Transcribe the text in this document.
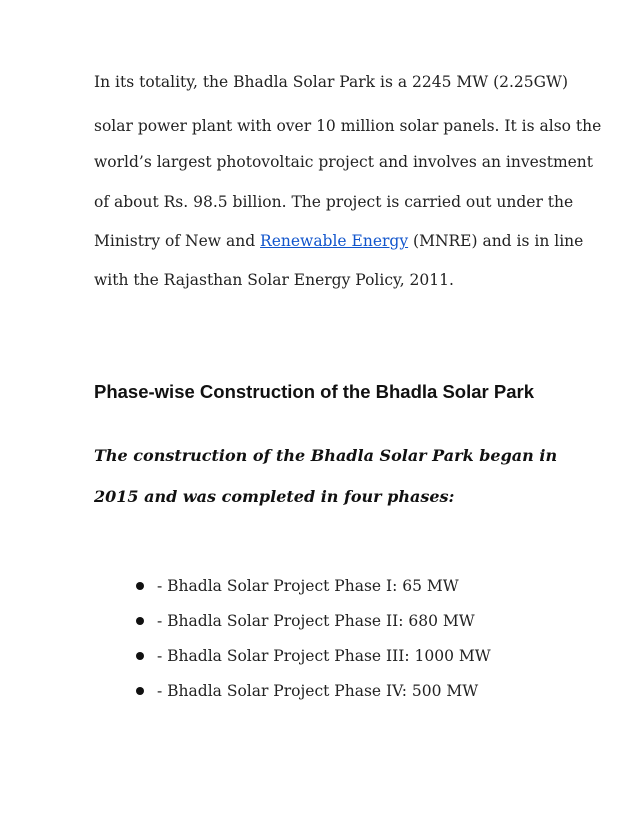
In its totality, the Bhadla Solar Park is a 2245 MW (2.25GW)
solar power plant with over 10 million solar panels. It is also the
world’s largest photovoltaic project and involves an investment
of about Rs. 98.5 billion. The project is carried out under the
Ministry of New and Renewable Energy (MNRE) and is in line
with the Rajasthan Solar Energy Policy, 2011.
Phase-wise Construction of the Bhadla Solar Park
The construction of the Bhadla Solar Park began in
2015 and was completed in four phases:
- Bhadla Solar Project Phase I: 65 MW
- Bhadla Solar Project Phase II: 680 MW
- Bhadla Solar Project Phase III: 1000 MW
- Bhadla Solar Project Phase IV: 500 MW
